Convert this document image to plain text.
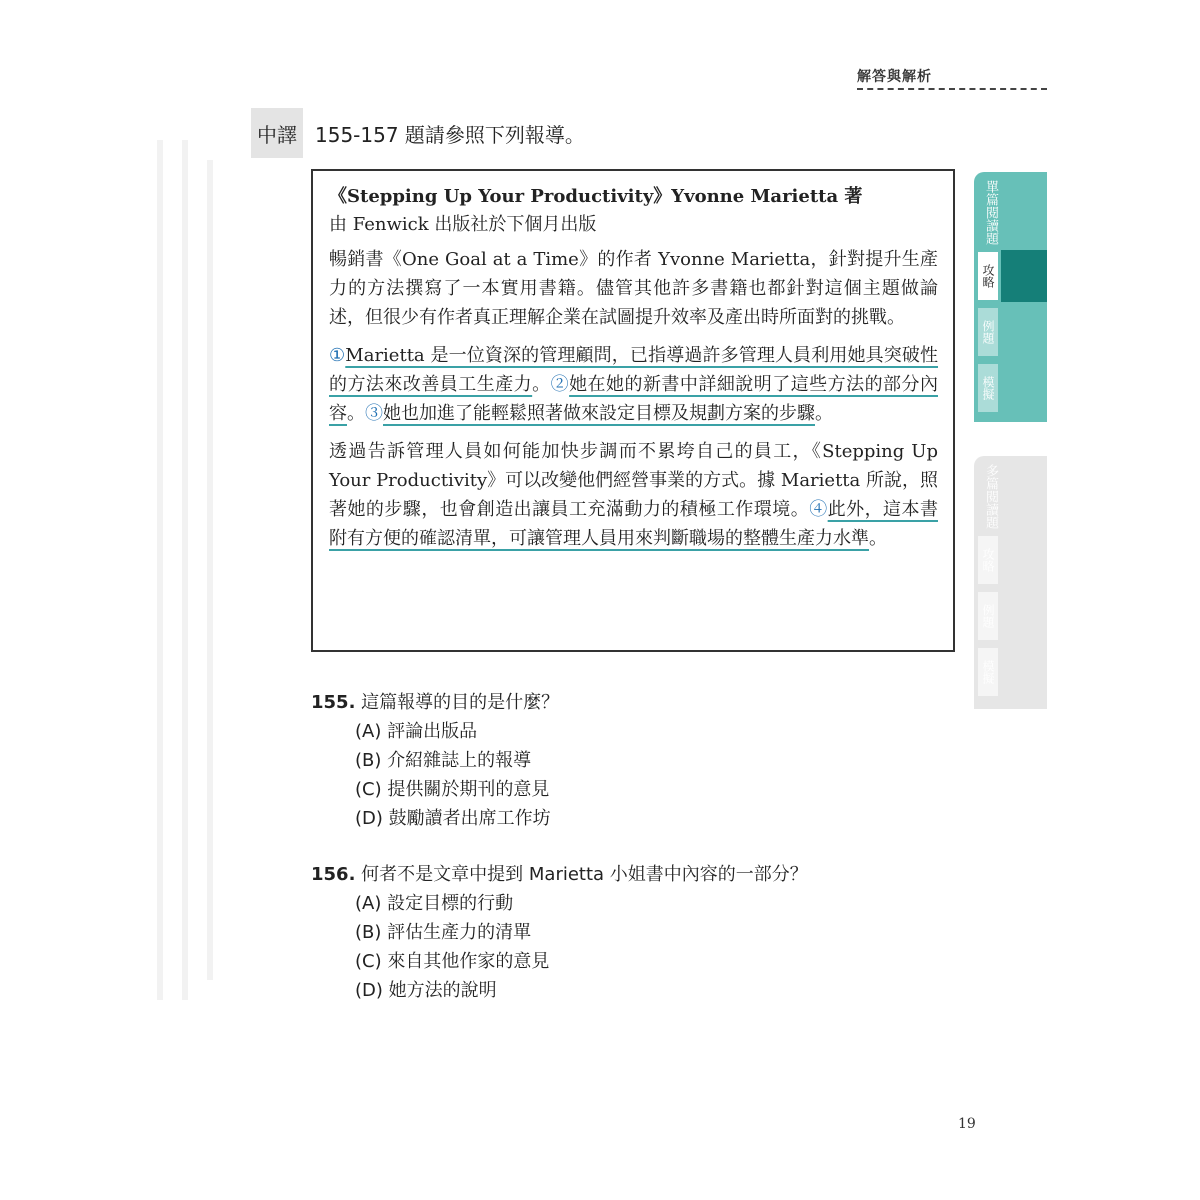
解答與解析
中譯 155-157 題請參照下列報導。
《Stepping Up Your Productivity》Yvonne Marietta 著
由 Fenwick 出版社於下個月出版

暢銷書《One Goal at a Time》的作者 Yvonne Marietta，針對提升生產力的方法撰寫了一本實用書籍。儘管其他許多書籍也都針對這個主題做論述，但很少有作者真正理解企業在試圖提升效率及產出時所面對的挑戰。

①Marietta 是一位資深的管理顧問，已指導過許多管理人員利用她具突破性的方法來改善員工生產力。②她在她的新書中詳細說明了這些方法的部分內容。③她也加進了能輕鬆照著做來設定目標及規劃方案的步驟。

透過告訴管理人員如何能加快步調而不累垮自己的員工，《Stepping Up Your Productivity》可以改變他們經營事業的方式。據 Marietta 所說，照著她的步驟，也會創造出讓員工充滿動力的積極工作環境。④此外，這本書附有方便的確認清單，可讓管理人員用來判斷職場的整體生產力水準。

155. 這篇報導的目的是什麼？
(A) 評論出版品
(B) 介紹雜誌上的報導
(C) 提供關於期刊的意見
(D) 鼓勵讀者出席工作坊
156. 何者不是文章中提到 Marietta 小姐書中內容的一部分？
(A) 設定目標的行動
(B) 評估生產力的清單
(C) 來自其他作家的意見
(D) 她方法的說明
19
單篇閱讀題
攻略
例題
模擬
多篇閱讀題
攻略
例題
模擬
